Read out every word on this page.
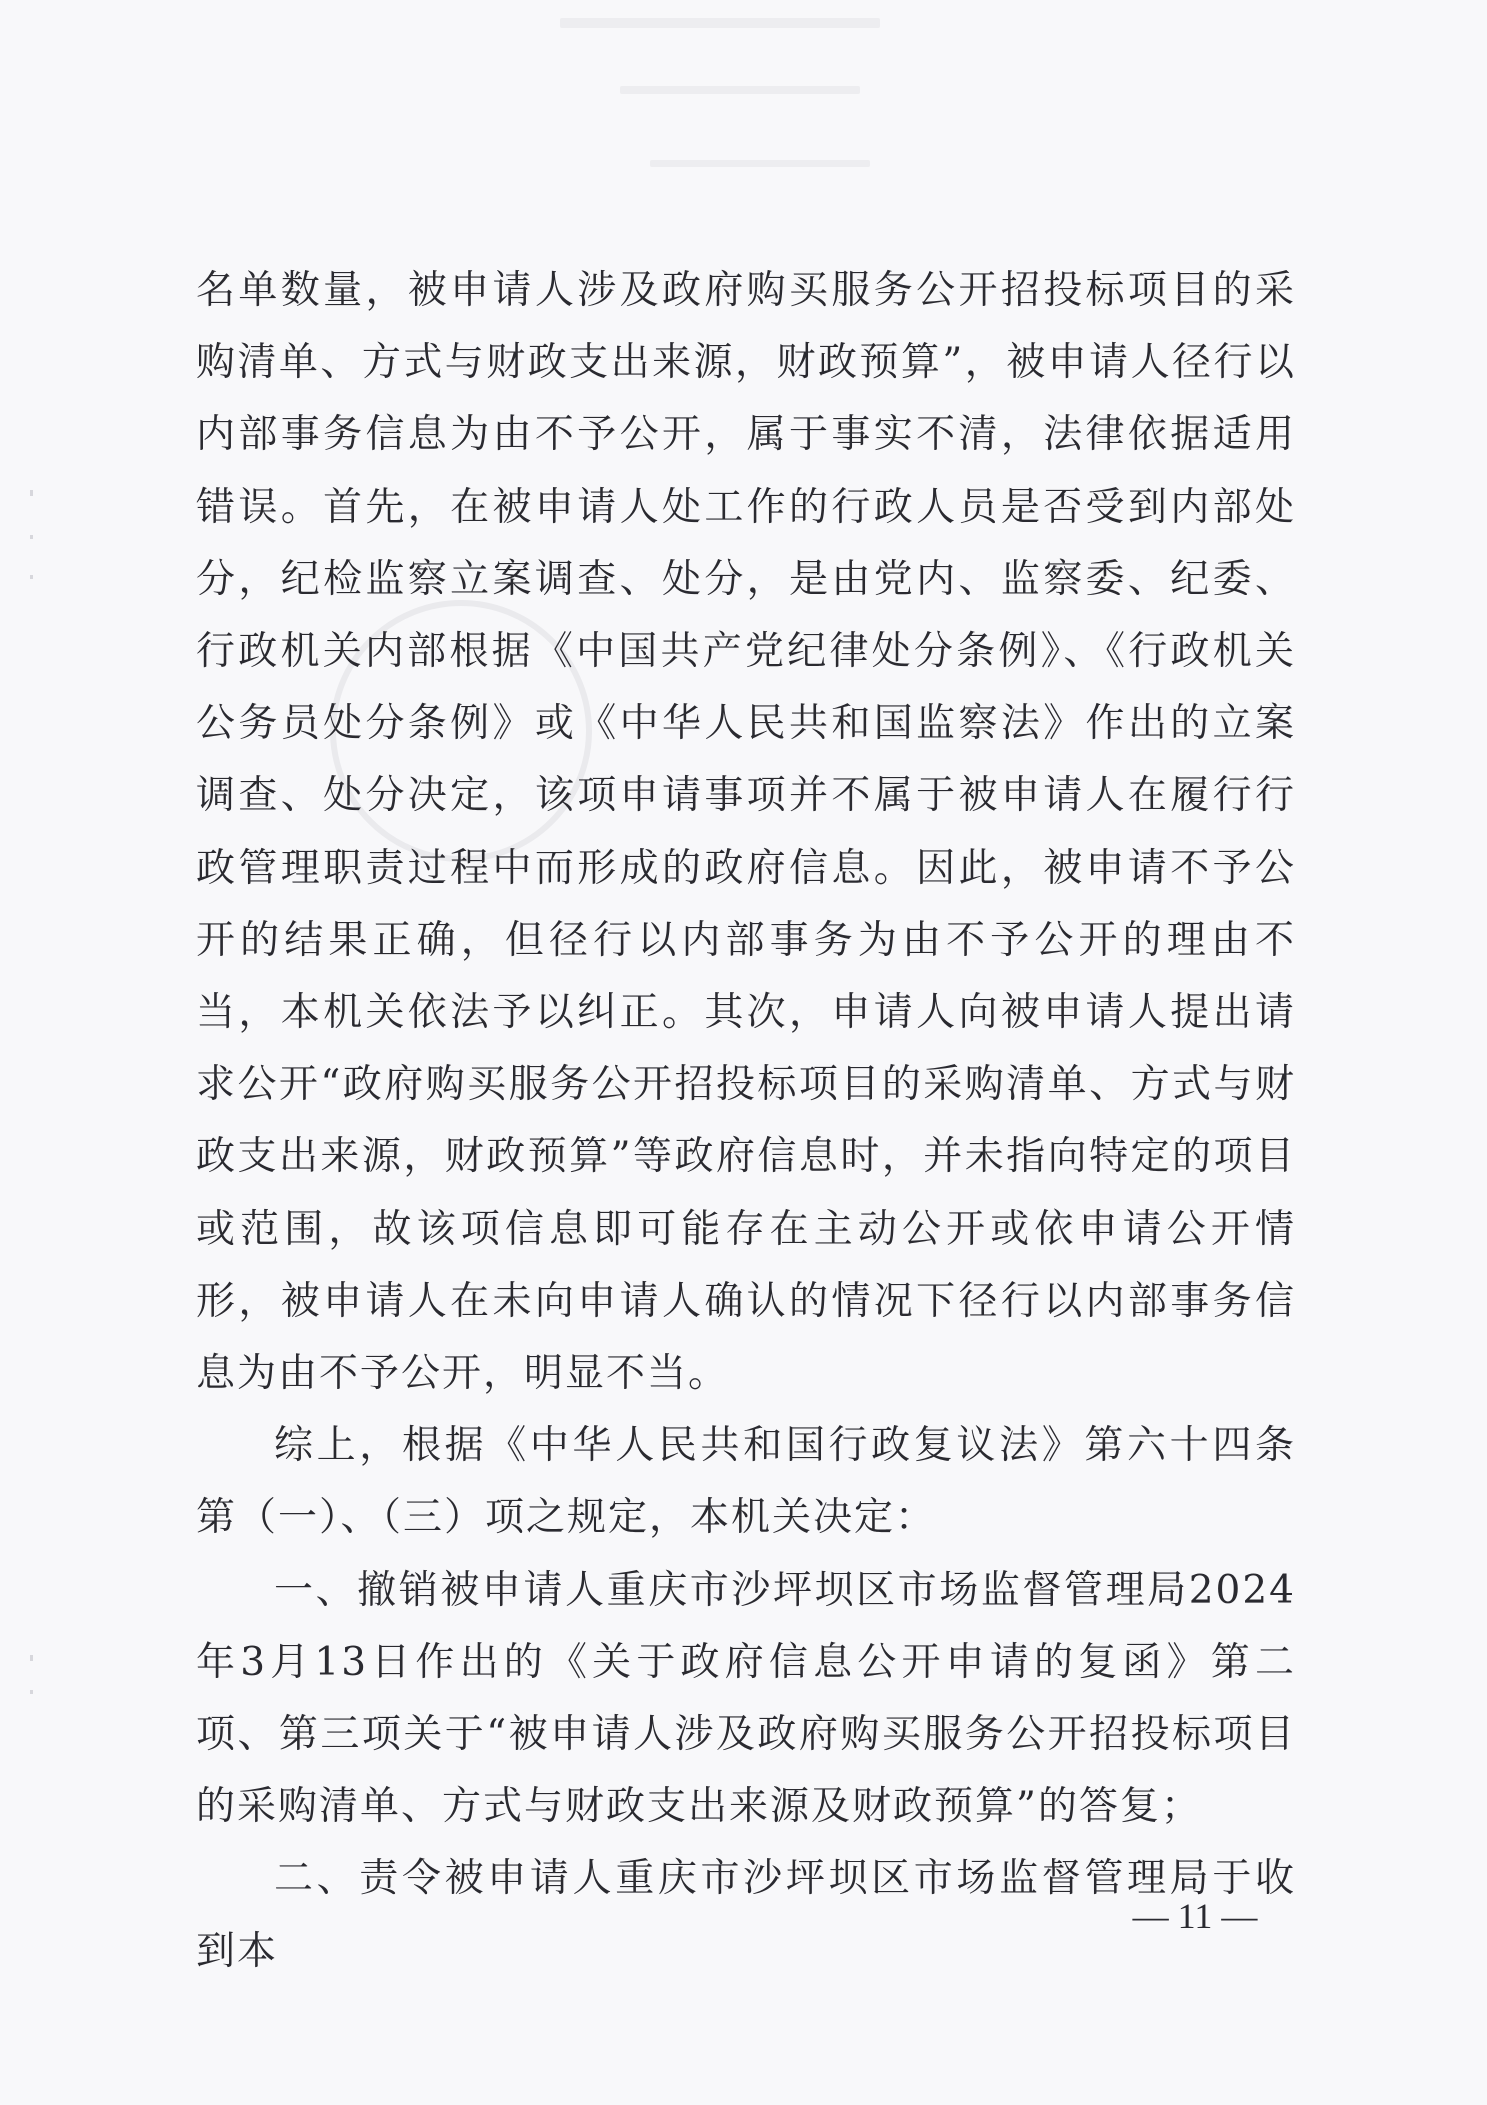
名单数量，被申请人涉及政府购买服务公开招投标项目的采购清单、方式与财政支出来源，财政预算”，被申请人径行以内部事务信息为由不予公开，属于事实不清，法律依据适用错误。首先，在被申请人处工作的行政人员是否受到内部处分，纪检监察立案调查、处分，是由党内、监察委、纪委、行政机关内部根据《中国共产党纪律处分条例》、《行政机关公务员处分条例》或《中华人民共和国监察法》作出的立案调查、处分决定，该项申请事项并不属于被申请人在履行行政管理职责过程中而形成的政府信息。因此，被申请不予公开的结果正确，但径行以内部事务为由不予公开的理由不当，本机关依法予以纠正。其次，申请人向被申请人提出请求公开“政府购买服务公开招投标项目的采购清单、方式与财政支出来源，财政预算”等政府信息时，并未指向特定的项目或范围，故该项信息即可能存在主动公开或依申请公开情形，被申请人在未向申请人确认的情况下径行以内部事务信息为由不予公开，明显不当。

综上，根据《中华人民共和国行政复议法》第六十四条第（一）、（三）项之规定，本机关决定：

一、撤销被申请人重庆市沙坪坝区市场监督管理局2024年3月13日作出的《关于政府信息公开申请的复函》第二项、第三项关于“被申请人涉及政府购买服务公开招投标项目的采购清单、方式与财政支出来源及财政预算”的答复；

二、责令被申请人重庆市沙坪坝区市场监督管理局于收到本

— 11 —
